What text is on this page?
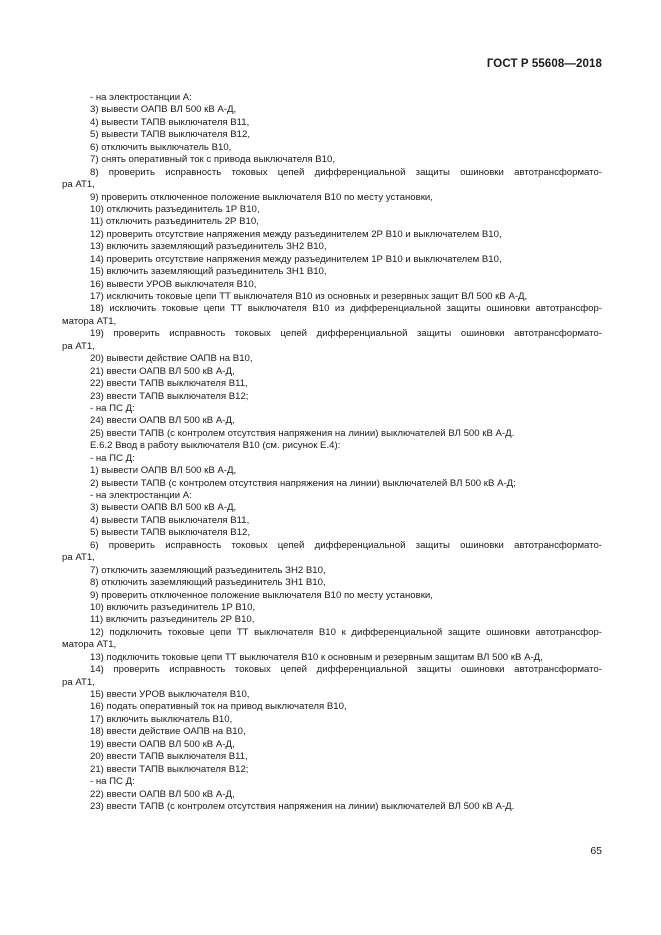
ГОСТ Р 55608—2018
- на электростанции А:
3) вывести ОАПВ ВЛ 500 кВ А-Д,
4) вывести ТАПВ выключателя В11,
5) вывести ТАПВ выключателя В12,
6) отключить выключатель В10,
7) снять оперативный ток с привода выключателя В10,
8) проверить исправность токовых цепей дифференциальной защиты ошиновки автотрансформато-
ра АТ1,
9) проверить отключенное положение выключателя В10 по месту установки,
10) отключить разъединитель 1Р В10,
11) отключить разъединитель 2Р В10,
12) проверить отсутствие напряжения между разъединителем 2Р В10 и выключателем В10,
13) включить заземляющий разъединитель ЗН2 В10,
14) проверить отсутствие напряжения между разъединителем 1Р В10 и выключателем В10,
15) включить заземляющий разъединитель ЗН1 В10,
16) вывести УРОВ выключателя В10,
17) исключить токовые цепи ТТ выключателя В10 из основных и резервных защит ВЛ 500 кВ А-Д,
18) исключить токовые цепи ТТ выключателя В10 из дифференциальной защиты ошиновки автотрансфор-
матора АТ1,
19) проверить исправность токовых цепей дифференциальной защиты ошиновки автотрансформато-
ра АТ1,
20) вывести действие ОАПВ на В10,
21) ввести ОАПВ ВЛ 500 кВ А-Д,
22) ввести ТАПВ выключателя В11,
23) ввести ТАПВ выключателя В12;
- на ПС Д:
24) ввести ОАПВ ВЛ 500 кВ А-Д,
25) ввести ТАПВ (с контролем отсутствия напряжения на линии) выключателей ВЛ 500 кВ А-Д.
Е.6.2 Ввод в работу выключателя В10 (см. рисунок Е.4):
- на ПС Д:
1) вывести ОАПВ ВЛ 500 кВ А-Д,
2) вывести ТАПВ (с контролем отсутствия напряжения на линии) выключателей ВЛ 500 кВ А-Д;
- на электростанции А:
3) вывести ОАПВ ВЛ 500 кВ А-Д,
4) вывести ТАПВ выключателя В11,
5) вывести ТАПВ выключателя В12,
6) проверить исправность токовых цепей дифференциальной защиты ошиновки автотрансформато-
ра АТ1,
7) отключить заземляющий разъединитель ЗН2 В10,
8) отключить заземляющий разъединитель ЗН1 В10,
9) проверить отключенное положение выключателя В10 по месту установки,
10) включить разъединитель 1Р В10,
11) включить разъединитель 2Р В10,
12) подключить токовые цепи ТТ выключателя В10 к дифференциальной защите ошиновки автотрансфор-
матора АТ1,
13) подключить токовые цепи ТТ выключателя В10 к основным и резервным защитам ВЛ 500 кВ А-Д,
14) проверить исправность токовых цепей дифференциальной защиты ошиновки автотрансформато-
ра АТ1,
15) ввести УРОВ выключателя В10,
16) подать оперативный ток на привод выключателя В10,
17) включить выключатель В10,
18) ввести действие ОАПВ на В10,
19) ввести ОАПВ ВЛ 500 кВ А-Д,
20) ввести ТАПВ выключателя В11,
21) ввести ТАПВ выключателя В12;
- на ПС Д:
22) ввести ОАПВ ВЛ 500 кВ А-Д,
23) ввести ТАПВ (с контролем отсутствия напряжения на линии) выключателей ВЛ 500 кВ А-Д.
65
